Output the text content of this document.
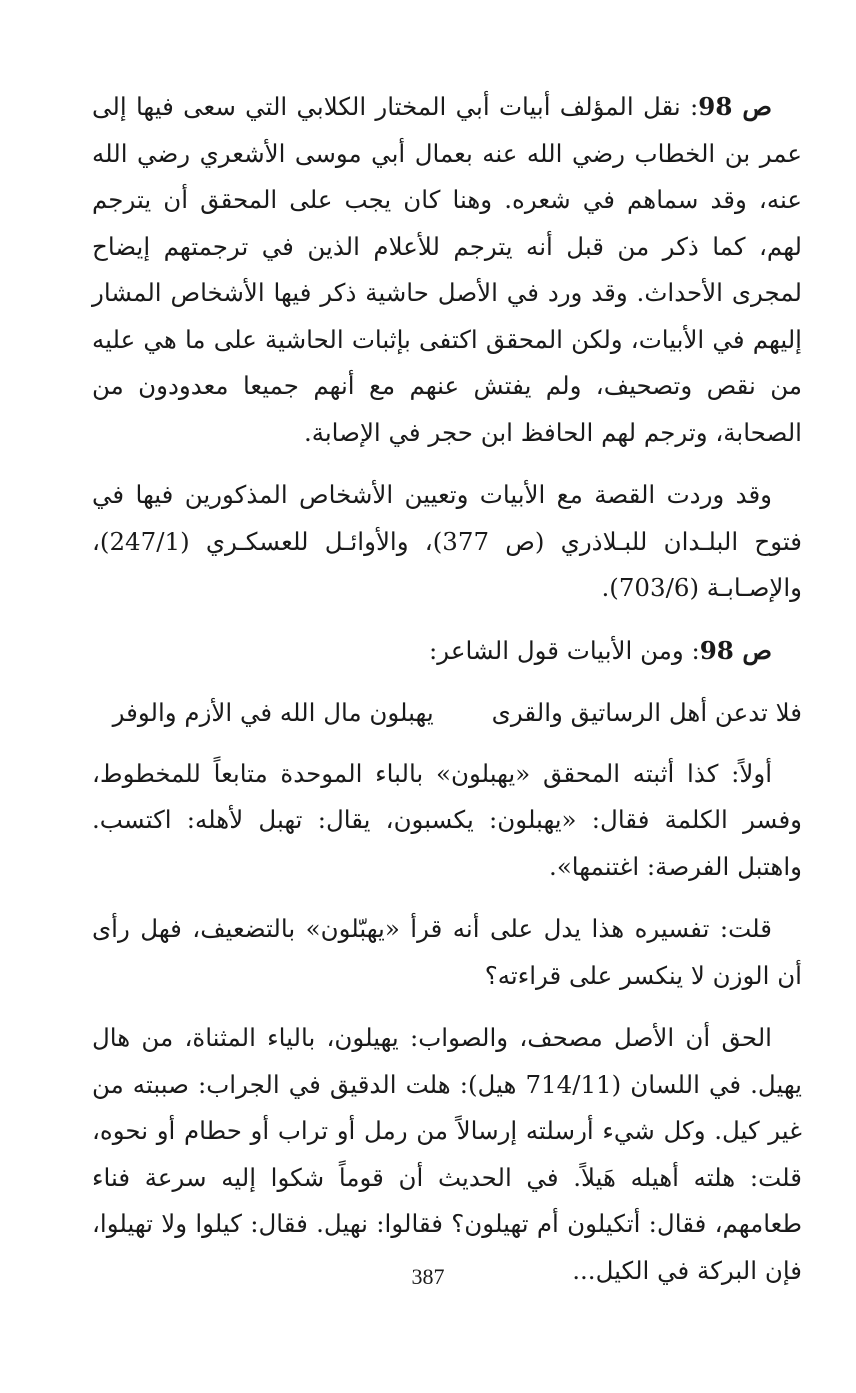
ص 98: نقل المؤلف أبيات أبي المختار الكلابي التي سعى فيها إلى عمر بن الخطاب رضي الله عنه بعمال أبي موسى الأشعري رضي الله عنه، وقد سماهم في شعره. وهنا كان يجب على المحقق أن يترجم لهم، كما ذكر من قبل أنه يترجم للأعلام الذين في ترجمتهم إيضاح لمجرى الأحداث. وقد ورد في الأصل حاشية ذكر فيها الأشخاص المشار إليهم في الأبيات، ولكن المحقق اكتفى بإثبات الحاشية على ما هي عليه من نقص وتصحيف، ولم يفتش عنهم مع أنهم جميعا معدودون من الصحابة، وترجم لهم الحافظ ابن حجر في الإصابة.

وقد وردت القصة مع الأبيات وتعيين الأشخاص المذكورين فيها في فتوح البلـدان للبـلاذري (ص 377)، والأوائـل للعسكـري (247/1)، والإصـابـة (703/6).

ص 98: ومن الأبيات قول الشاعر:

فلا تدعن أهل الرساتيق والقرى
يهبلون مال الله في الأزم والوفر

أولاً: كذا أثبته المحقق «يهبلون» بالباء الموحدة متابعاً للمخطوط، وفسر الكلمة فقال: «يهبلون: يكسبون، يقال: تهبل لأهله: اكتسب. واهتبل الفرصة: اغتنمها».

قلت: تفسيره هذا يدل على أنه قرأ «يهبّلون» بالتضعيف، فهل رأى أن الوزن لا ينكسر على قراءته؟

الحق أن الأصل مصحف، والصواب: يهيلون، بالياء المثناة، من هال يهيل. في اللسان (714/11 هيل): هلت الدقيق في الجراب: صببته من غير كيل. وكل شيء أرسلته إرسالاً من رمل أو تراب أو حطام أو نحوه، قلت: هلته أهيله هَيلاً. في الحديث أن قوماً شكوا إليه سرعة فناء طعامهم، فقال: أتكيلون أم تهيلون؟ فقالوا: نهيل. فقال: كيلوا ولا تهيلوا، فإن البركة في الكيل...

387
